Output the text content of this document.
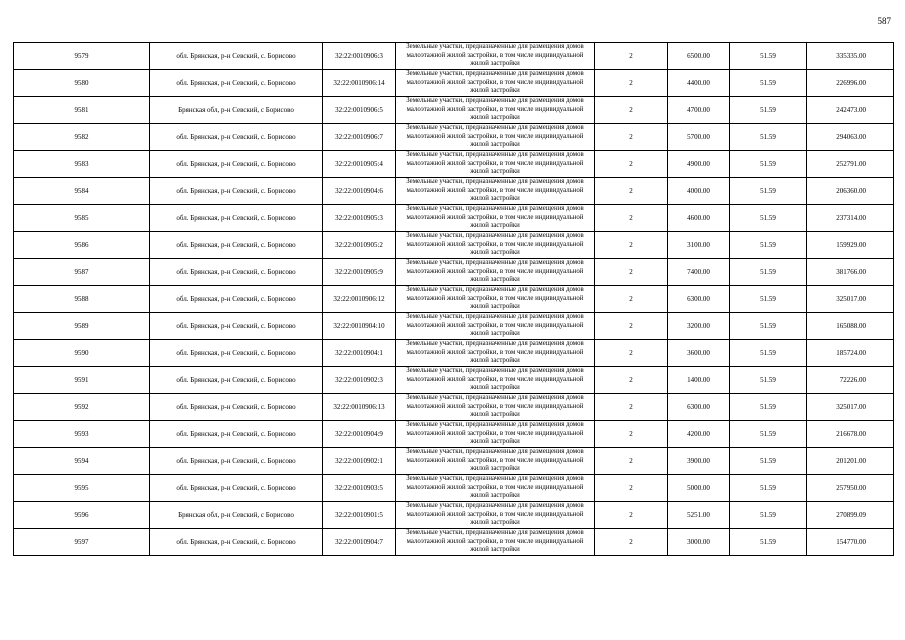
587
9579	обл. Брянская, р-н Севский, с. Борисово	32:22:0010906:3	Земельные участки, предназначенные для размещения домов малоэтажной жилой застройки, в том числе индивидуальной жилой застройки	2	6500.00	51.59	335335.00
9580	обл. Брянская, р-н Севский, с. Борисово	32:22:0010906:14	Земельные участки, предназначенные для размещения домов малоэтажной жилой застройки, в том числе индивидуальной жилой застройки	2	4400.00	51.59	226996.00
9581	Брянская обл, р-н Севский, с Борисово	32:22:0010906:5	Земельные участки, предназначенные для размещения домов малоэтажной жилой застройки, в том числе индивидуальной жилой застройки	2	4700.00	51.59	242473.00
9582	обл. Брянская, р-н Севский, с. Борисово	32:22:0010906:7	Земельные участки, предназначенные для размещения домов малоэтажной жилой застройки, в том числе индивидуальной жилой застройки	2	5700.00	51.59	294063.00
9583	обл. Брянская, р-н Севский, с. Борисово	32:22:0010905:4	Земельные участки, предназначенные для размещения домов малоэтажной жилой застройки, в том числе индивидуальной жилой застройки	2	4900.00	51.59	252791.00
9584	обл. Брянская, р-н Севский, с. Борисово	32:22:0010904:6	Земельные участки, предназначенные для размещения домов малоэтажной жилой застройки, в том числе индивидуальной жилой застройки	2	4000.00	51.59	206360.00
9585	обл. Брянская, р-н Севский, с. Борисово	32:22:0010905:3	Земельные участки, предназначенные для размещения домов малоэтажной жилой застройки, в том числе индивидуальной жилой застройки	2	4600.00	51.59	237314.00
9586	обл. Брянская, р-н Севский, с. Борисово	32:22:0010905:2	Земельные участки, предназначенные для размещения домов малоэтажной жилой застройки, в том числе индивидуальной жилой застройки	2	3100.00	51.59	159929.00
9587	обл. Брянская, р-н Севский, с. Борисово	32:22:0010905:9	Земельные участки, предназначенные для размещения домов малоэтажной жилой застройки, в том числе индивидуальной жилой застройки	2	7400.00	51.59	381766.00
9588	обл. Брянская, р-н Севский, с. Борисово	32:22:0010906:12	Земельные участки, предназначенные для размещения домов малоэтажной жилой застройки, в том числе индивидуальной жилой застройки	2	6300.00	51.59	325017.00
9589	обл. Брянская, р-н Севский, с. Борисово	32:22:0010904:10	Земельные участки, предназначенные для размещения домов малоэтажной жилой застройки, в том числе индивидуальной жилой застройки	2	3200.00	51.59	165088.00
9590	обл. Брянская, р-н Севский, с. Борисово	32:22:0010904:1	Земельные участки, предназначенные для размещения домов малоэтажной жилой застройки, в том числе индивидуальной жилой застройки	2	3600.00	51.59	185724.00
9591	обл. Брянская, р-н Севский, с. Борисово	32:22:0010902:3	Земельные участки, предназначенные для размещения домов малоэтажной жилой застройки, в том числе индивидуальной жилой застройки	2	1400.00	51.59	72226.00
9592	обл. Брянская, р-н Севский, с. Борисово	32:22:0010906:13	Земельные участки, предназначенные для размещения домов малоэтажной жилой застройки, в том числе индивидуальной жилой застройки	2	6300.00	51.59	325017.00
9593	обл. Брянская, р-н Севский, с. Борисово	32:22:0010904:9	Земельные участки, предназначенные для размещения домов малоэтажной жилой застройки, в том числе индивидуальной жилой застройки	2	4200.00	51.59	216678.00
9594	обл. Брянская, р-н Севский, с. Борисово	32:22:0010902:1	Земельные участки, предназначенные для размещения домов малоэтажной жилой застройки, в том числе индивидуальной жилой застройки	2	3900.00	51.59	201201.00
9595	обл. Брянская, р-н Севский, с. Борисово	32:22:0010903:5	Земельные участки, предназначенные для размещения домов малоэтажной жилой застройки, в том числе индивидуальной жилой застройки	2	5000.00	51.59	257950.00
9596	Брянская обл, р-н Севский, с Борисово	32:22:0010901:5	Земельные участки, предназначенные для размещения домов малоэтажной жилой застройки, в том числе индивидуальной жилой застройки	2	5251.00	51.59	270899.09
9597	обл. Брянская, р-н Севский, с. Борисово	32:22:0010904:7	Земельные участки, предназначенные для размещения домов малоэтажной жилой застройки, в том числе индивидуальной жилой застройки	2	3000.00	51.59	154770.00
